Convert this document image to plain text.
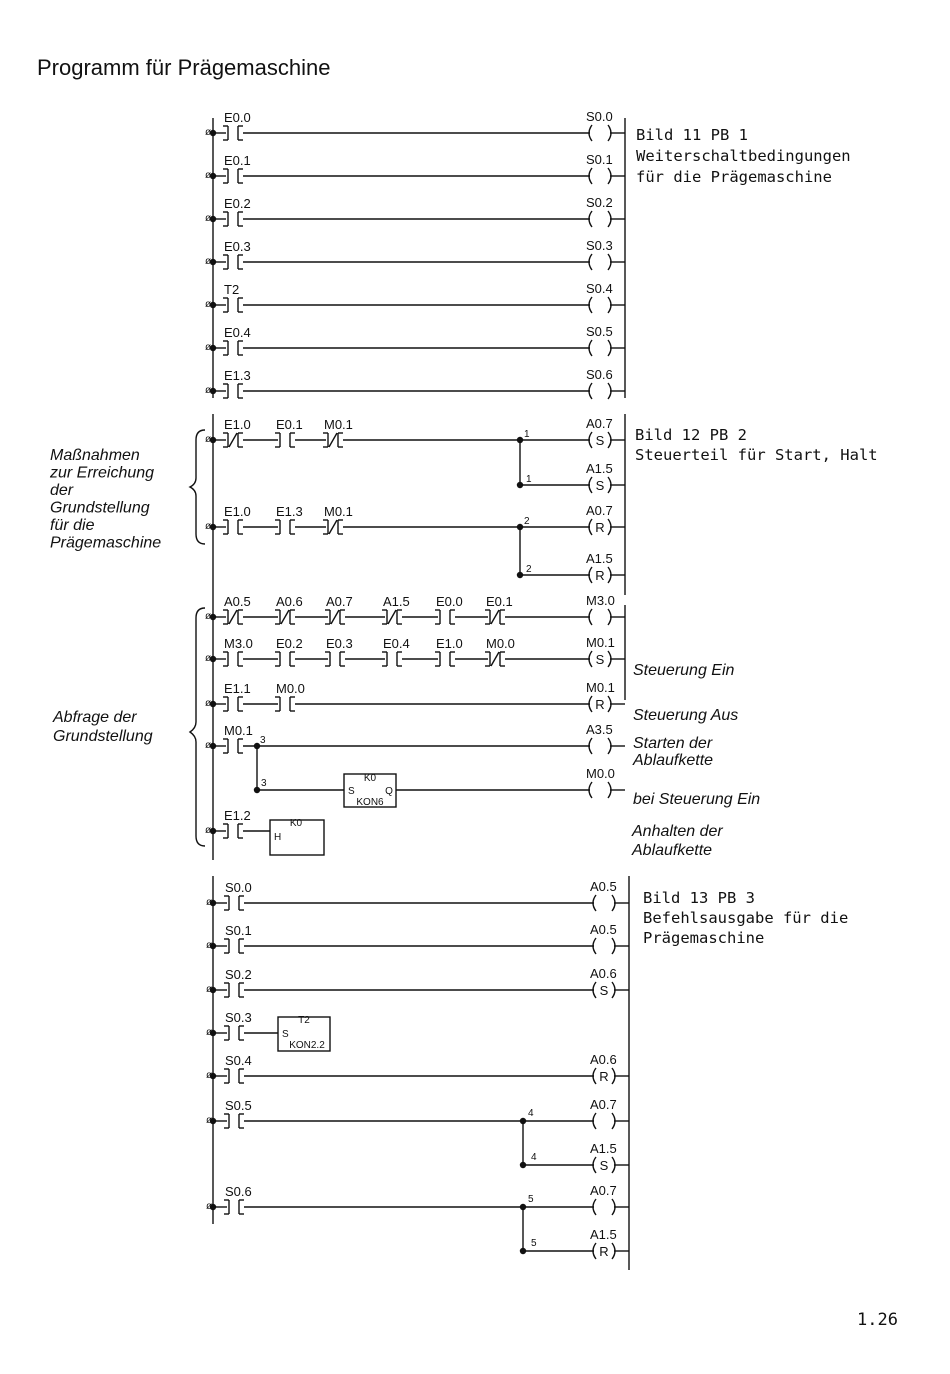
Programm für Prägemaschine
ø
E0.0	S0.0
ø
E0.1	S0.1
ø
E0.2	S0.2
ø
E0.3	S0.3
ø
T2	S0.4
ø
E0.4	S0.5
ø
E1.3	S0.6
Bild 11 PB 1
Weiterschaltbedingungen
für die Prägemaschine
Maßnahmen
zur Erreichung
der
Grundstellung
für die
Prägemaschine
Abfrage der
Grundstellung
Bild 12 PB 2
Steuerteil für Start, Halt
ø
E1.0 E0.1 M0.1
1
1
S
A0.7
S
A1.5
ø
E1.0 E1.3 M0.1
2
2
R
A0.7
R
A1.5
ø
A0.5 A0.6 A0.7 A1.5 E0.0 E0.1	M3.0
ø
M3.0 E0.2 E0.3 E0.4 E1.0 M0.0
S
M0.1
Steuerung Ein
ø
E1.1 M0.0
R
M0.1
Steuerung Aus
ø
M0.1
3
A3.5
Starten der
Ablaufkette
3	K0
S	Q
KON6
M0.0
bei Steuerung Ein
ø
E1.2
K0
H	Anhalten der
Ablaufkette
Bild 13 PB 3
Befehlsausgabe für die
Prägemaschine
ø
S0.0	A0.5
ø
S0.1	A0.5
ø
S0.2
S
A0.6
ø
S0.3	T2
S
KON2.2
ø
S0.4
R
A0.6
ø
S0.5	A0.7
4
4
S
A1.5
ø
S0.6	A0.7
5
5
R
A1.5
1.26
